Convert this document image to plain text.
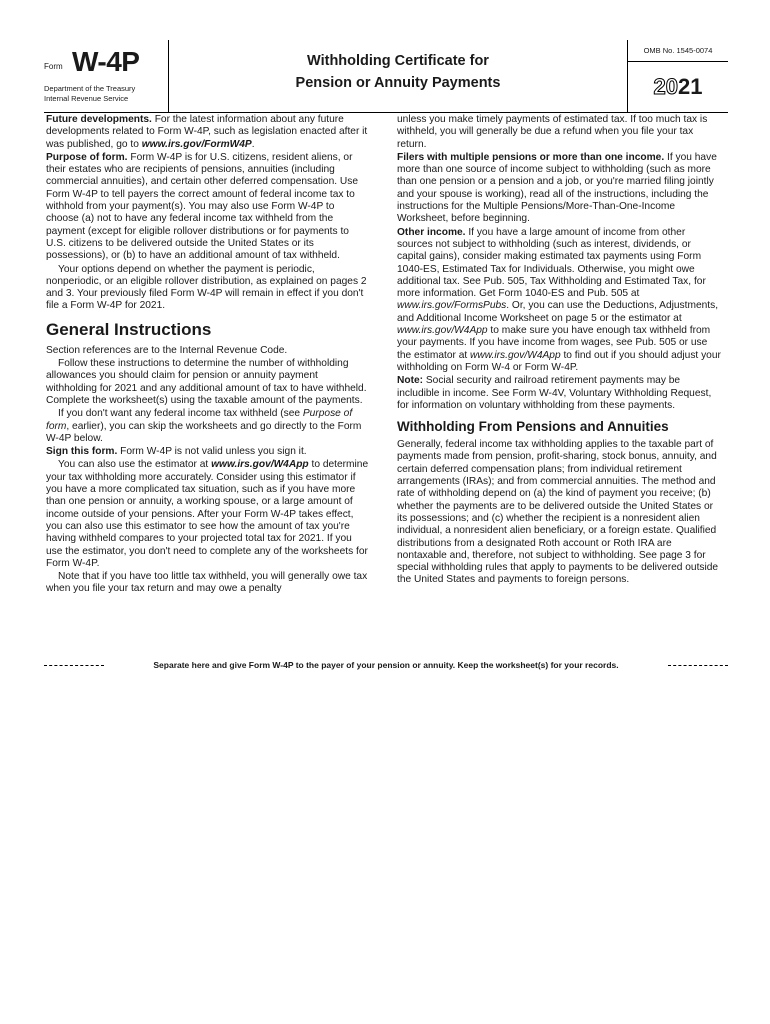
Form W-4P
Department of the Treasury
Internal Revenue Service
Withholding Certificate for
Pension or Annuity Payments
OMB No. 1545-0074
2021

Future developments. For the latest information about any future developments related to Form W-4P, such as legislation enacted after it was published, go to www.irs.gov/FormW4P.

Purpose of form. Form W-4P is for U.S. citizens, resident aliens, or their estates who are recipients of pensions, annuities (including commercial annuities), and certain other deferred compensation. Use Form W-4P to tell payers the correct amount of federal income tax to withhold from your payment(s). You may also use Form W-4P to choose (a) not to have any federal income tax withheld from the payment (except for eligible rollover distributions or for payments to U.S. citizens to be delivered outside the United States or its possessions), or (b) to have an additional amount of tax withheld.

Your options depend on whether the payment is periodic, nonperiodic, or an eligible rollover distribution, as explained on pages 2 and 3. Your previously filed Form W-4P will remain in effect if you don't file a Form W-4P for 2021.

General Instructions

Section references are to the Internal Revenue Code.

Follow these instructions to determine the number of withholding allowances you should claim for pension or annuity payment withholding for 2021 and any additional amount of tax to have withheld. Complete the worksheet(s) using the taxable amount of the payments.

If you don't want any federal income tax withheld (see Purpose of form, earlier), you can skip the worksheets and go directly to the Form W-4P below.

Sign this form. Form W-4P is not valid unless you sign it.

You can also use the estimator at www.irs.gov/W4App to determine your tax withholding more accurately. Consider using this estimator if you have a more complicated tax situation, such as if you have more than one pension or annuity, a working spouse, or a large amount of income outside of your pensions. After your Form W-4P takes effect, you can also use this estimator to see how the amount of tax you're having withheld compares to your projected total tax for 2021. If you use the estimator, you don't need to complete any of the worksheets for Form W-4P.

Note that if you have too little tax withheld, you will generally owe tax when you file your tax return and may owe a penalty

unless you make timely payments of estimated tax. If too much tax is withheld, you will generally be due a refund when you file your tax return.

Filers with multiple pensions or more than one income. If you have more than one source of income subject to withholding (such as more than one pension or a pension and a job, or you're married filing jointly and your spouse is working), read all of the instructions, including the instructions for the Multiple Pensions/More-Than-One-Income Worksheet, before beginning.

Other income. If you have a large amount of income from other sources not subject to withholding (such as interest, dividends, or capital gains), consider making estimated tax payments using Form 1040-ES, Estimated Tax for Individuals. Otherwise, you might owe additional tax. See Pub. 505, Tax Withholding and Estimated Tax, for more information. Get Form 1040-ES and Pub. 505 at www.irs.gov/FormsPubs. Or, you can use the Deductions, Adjustments, and Additional Income Worksheet on page 5 or the estimator at www.irs.gov/W4App to make sure you have enough tax withheld from your payments. If you have income from wages, see Pub. 505 or use the estimator at www.irs.gov/W4App to find out if you should adjust your withholding on Form W-4 or Form W-4P.

Note: Social security and railroad retirement payments may be includible in income. See Form W-4V, Voluntary Withholding Request, for information on voluntary withholding from these payments.

Withholding From Pensions and Annuities

Generally, federal income tax withholding applies to the taxable part of payments made from pension, profit-sharing, stock bonus, annuity, and certain deferred compensation plans; from individual retirement arrangements (IRAs); and from commercial annuities. The method and rate of withholding depend on (a) the kind of payment you receive; (b) whether the payments are to be delivered outside the United States or its possessions; and (c) whether the recipient is a nonresident alien individual, a nonresident alien beneficiary, or a foreign estate. Qualified distributions from a designated Roth account or Roth IRA are nontaxable and, therefore, not subject to withholding. See page 3 for special withholding rules that apply to payments to be delivered outside the United States and payments to foreign persons.

Separate here and give Form W-4P to the payer of your pension or annuity. Keep the worksheet(s) for your records.
